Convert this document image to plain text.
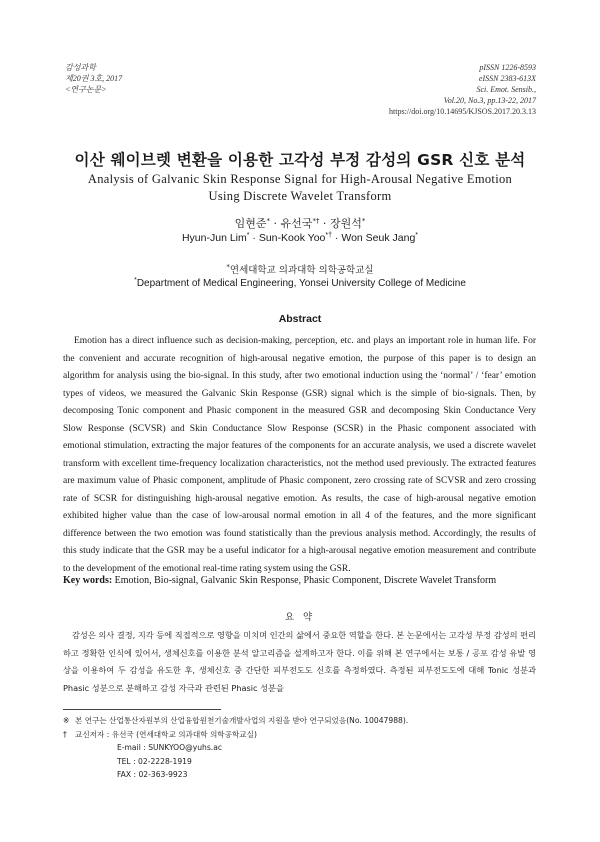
감성과학
제20권 3호, 2017
<연구논문>
pISSN 1226-8593
eISSN 2383-613X
Sci. Emot. Sensib.,
Vol.20, No.3, pp.13-22, 2017
https://doi.org/10.14695/KJSOS.2017.20.3.13
이산 웨이브렛 변환을 이용한 고각성 부정 감성의 GSR 신호 분석
Analysis of Galvanic Skin Response Signal for High-Arousal Negative Emotion
Using Discrete Wavelet Transform
임현준* · 유선국*† · 장원석*
Hyun-Jun Lim* · Sun-Kook Yoo*† · Won Seuk Jang*
*연세대학교 의과대학 의학공학교실
*Department of Medical Engineering, Yonsei University College of Medicine
Abstract
Emotion has a direct influence such as decision-making, perception, etc. and plays an important role in human life. For the convenient and accurate recognition of high-arousal negative emotion, the purpose of this paper is to design an algorithm for analysis using the bio-signal. In this study, after two emotional induction using the ‘normal’ / ‘fear’ emotion types of videos, we measured the Galvanic Skin Response (GSR) signal which is the simple of bio-signals. Then, by decomposing Tonic component and Phasic component in the measured GSR and decomposing Skin Conductance Very Slow Response (SCVSR) and Skin Conductance Slow Response (SCSR) in the Phasic component associated with emotional stimulation, extracting the major features of the components for an accurate analysis, we used a discrete wavelet transform with excellent time-frequency localization characteristics, not the method used previously. The extracted features are maximum value of Phasic component, amplitude of Phasic component, zero crossing rate of SCVSR and zero crossing rate of SCSR for distinguishing high-arousal negative emotion. As results, the case of high-arousal negative emotion exhibited higher value than the case of low-arousal normal emotion in all 4 of the features, and the more significant difference between the two emotion was found statistically than the previous analysis method. Accordingly, the results of this study indicate that the GSR may be a useful indicator for a high-arousal negative emotion measurement and contribute to the development of the emotional real-time rating system using the GSR.
Key words: Emotion, Bio-signal, Galvanic Skin Response, Phasic Component, Discrete Wavelet Transform
요 약
감성은 의사 결정, 지각 등에 직접적으로 영향을 미치며 인간의 삶에서 중요한 역할을 한다. 본 논문에서는 고각성 부정 감성의 편리하고 정확한 인식에 있어서, 생체신호를 이용한 분석 알고리즘을 설계하고자 한다. 이를 위해 본 연구에서는 보통 / 공포 감성 유발 영상을 이용하여 두 감성을 유도한 후, 생체신호 중 간단한 피부전도도 신호를 측정하였다. 측정된 피부전도도에 대해 Tonic 성분과 Phasic 성분으로 분해하고 감성 자극과 관련된 Phasic 성분을
※ 본 연구는 산업통산자원부의 산업융합원천기술개발사업의 지원을 받아 연구되었음(No. 10047988).
†	교신저자 : 유선국 (연세대학교 의과대학 의학공학교실)
E-mail : SUNKYOO@yuhs.ac
TEL : 02-2228-1919
FAX : 02-363-9923
